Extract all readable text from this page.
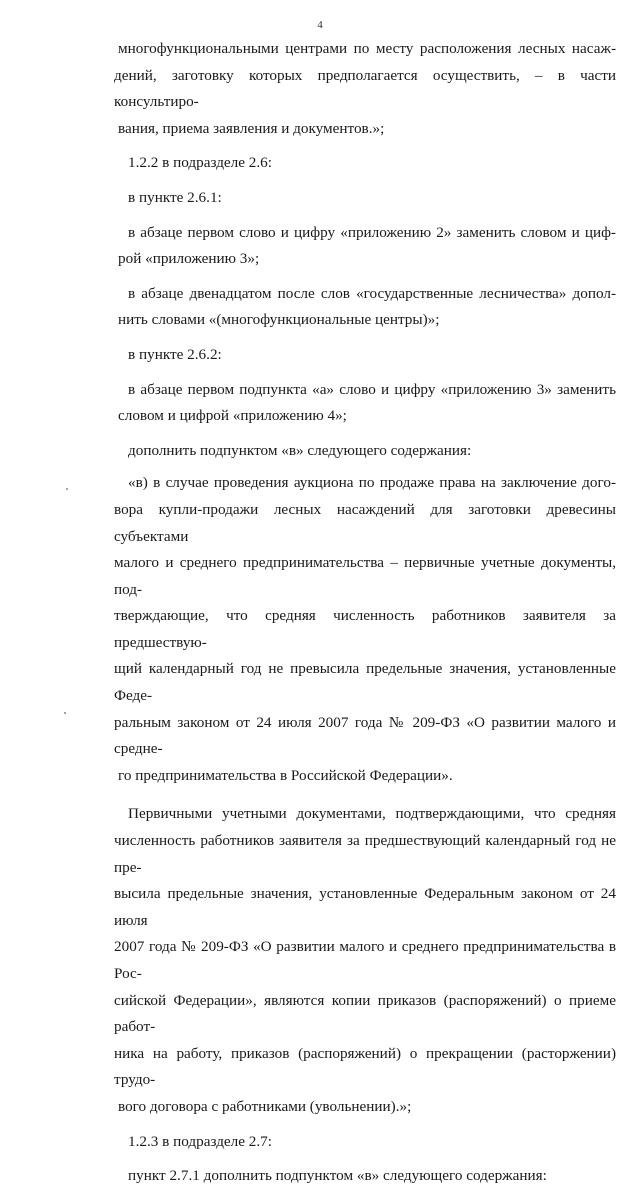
4

многофункциональными центрами по месту расположения лесных насаж-
дений, заготовку которых предполагается осуществить, – в части консультиро-
вания, приема заявления и документов.»;

1.2.2 в подразделе 2.6:

в пункте 2.6.1:

в абзаце первом слово и цифру «приложению 2» заменить словом и циф-
рой «приложению 3»;

в абзаце двенадцатом после слов «государственные лесничества» допол-
нить словами «(многофункциональные центры)»;

в пункте 2.6.2:

в абзаце первом подпункта «а» слово и цифру «приложению 3» заменить
словом и цифрой «приложению 4»;

дополнить подпунктом «в» следующего содержания:

«в) в случае проведения аукциона по продаже права на заключение дого-
вора купли-продажи лесных насаждений для заготовки древесины субъектами
малого и среднего предпринимательства – первичные учетные документы, под-
тверждающие, что средняя численность работников заявителя за предшествую-
щий календарный год не превысила предельные значения, установленные Феде-
ральным законом от 24 июля 2007 года № 209-ФЗ «О развитии малого и средне-
го предпринимательства в Российской Федерации».

Первичными учетными документами, подтверждающими, что средняя
численность работников заявителя за предшествующий календарный год не пре-
высила предельные значения, установленные Федеральным законом от 24 июля
2007 года № 209-ФЗ «О развитии малого и среднего предпринимательства в Рос-
сийской Федерации», являются копии приказов (распоряжений) о приеме работ-
ника на работу, приказов (распоряжений) о прекращении (расторжении) трудо-
вого договора с работниками (увольнении).»;

1.2.3 в подразделе 2.7:

пункт 2.7.1 дополнить подпунктом «в» следующего содержания:
